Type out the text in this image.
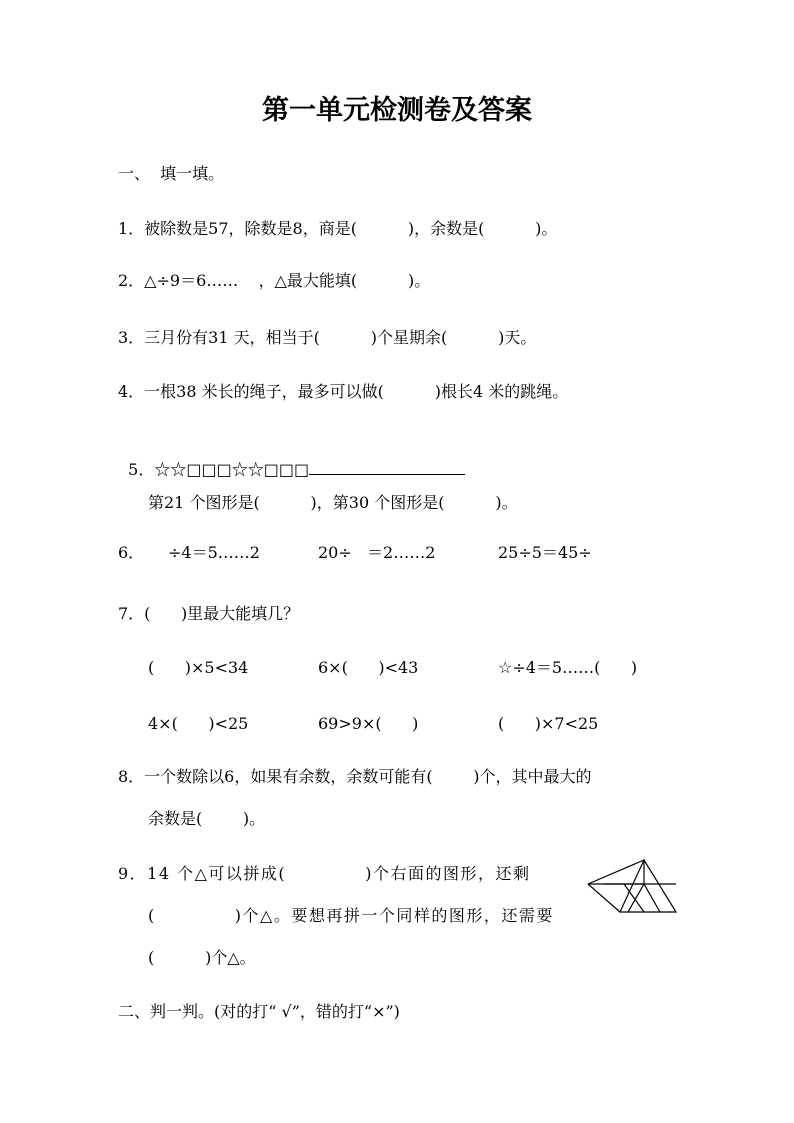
第一单元检测卷及答案
一、  填一填。
1．被除数是57，除数是8，商是(          )，余数是(          )。
2．△÷9＝6……    ，△最大能填(          )。
3．三月份有31 天，相当于(          )个星期余(          )天。
4．一根38 米长的绳子，最多可以做(          )根长4 米的跳绳。

5．☆☆□□□☆☆□□□

第21 个图形是(          )，第30 个图形是(          )。
6． ÷4＝5……2	20÷   ＝2……2	25÷5＝45÷
7．(      )里最大能填几？
(      )×5<34	6×(      )<43	☆÷4＝5……(      )
4×(      )<25	69>9×(      )	(      )×7<25
8．一个数除以6，如果有余数，余数可能有(        )个，其中最大的
余数是(        )。
9．14 个△可以拼成(            )个右面的图形，还剩
(            )个△。要想再拼一个同样的图形，还需要
(          )个△。
二、判一判。(对的打“ √”，错的打“×”)
